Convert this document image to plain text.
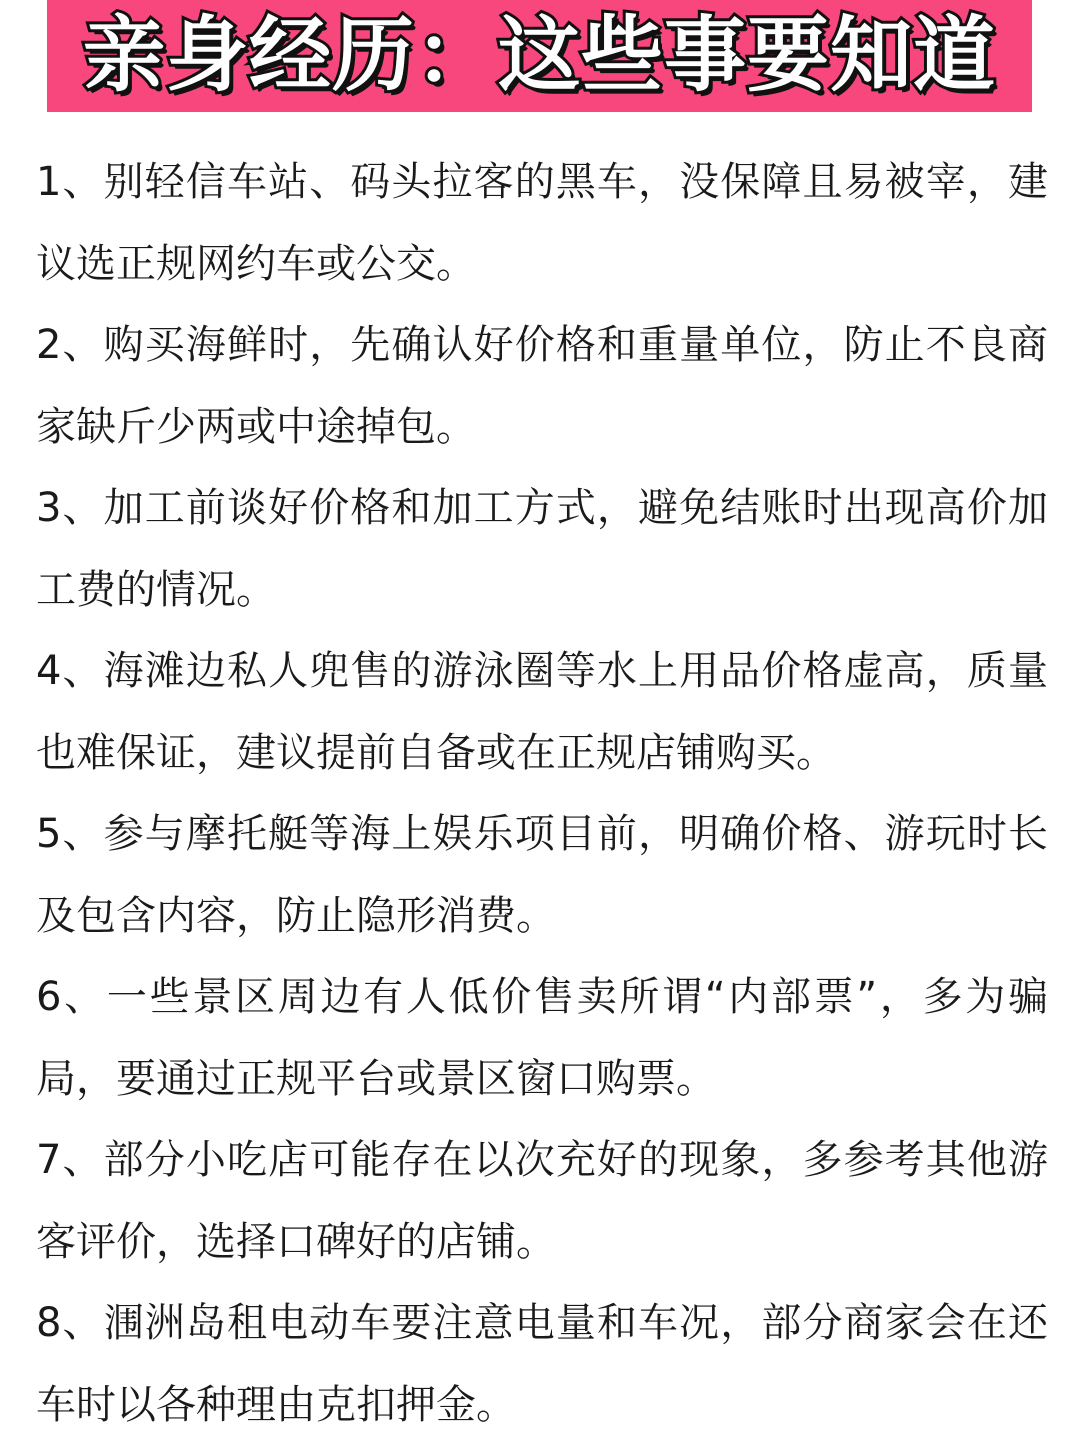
亲身经历：这些事要知道
1、别轻信车站、码头拉客的黑车，没保障且易被宰，建议选正规网约车或公交。
2、购买海鲜时，先确认好价格和重量单位，防止不良商家缺斤少两或中途掉包。
3、加工前谈好价格和加工方式，避免结账时出现高价加工费的情况。
4、海滩边私人兜售的游泳圈等水上用品价格虚高，质量也难保证，建议提前自备或在正规店铺购买。
5、参与摩托艇等海上娱乐项目前，明确价格、游玩时长及包含内容，防止隐形消费。
6、一些景区周边有人低价售卖所谓“内部票”，多为骗局，要通过正规平台或景区窗口购票。
7、部分小吃店可能存在以次充好的现象，多参考其他游客评价，选择口碑好的店铺。
8、涠洲岛租电动车要注意电量和车况，部分商家会在还车时以各种理由克扣押金。
